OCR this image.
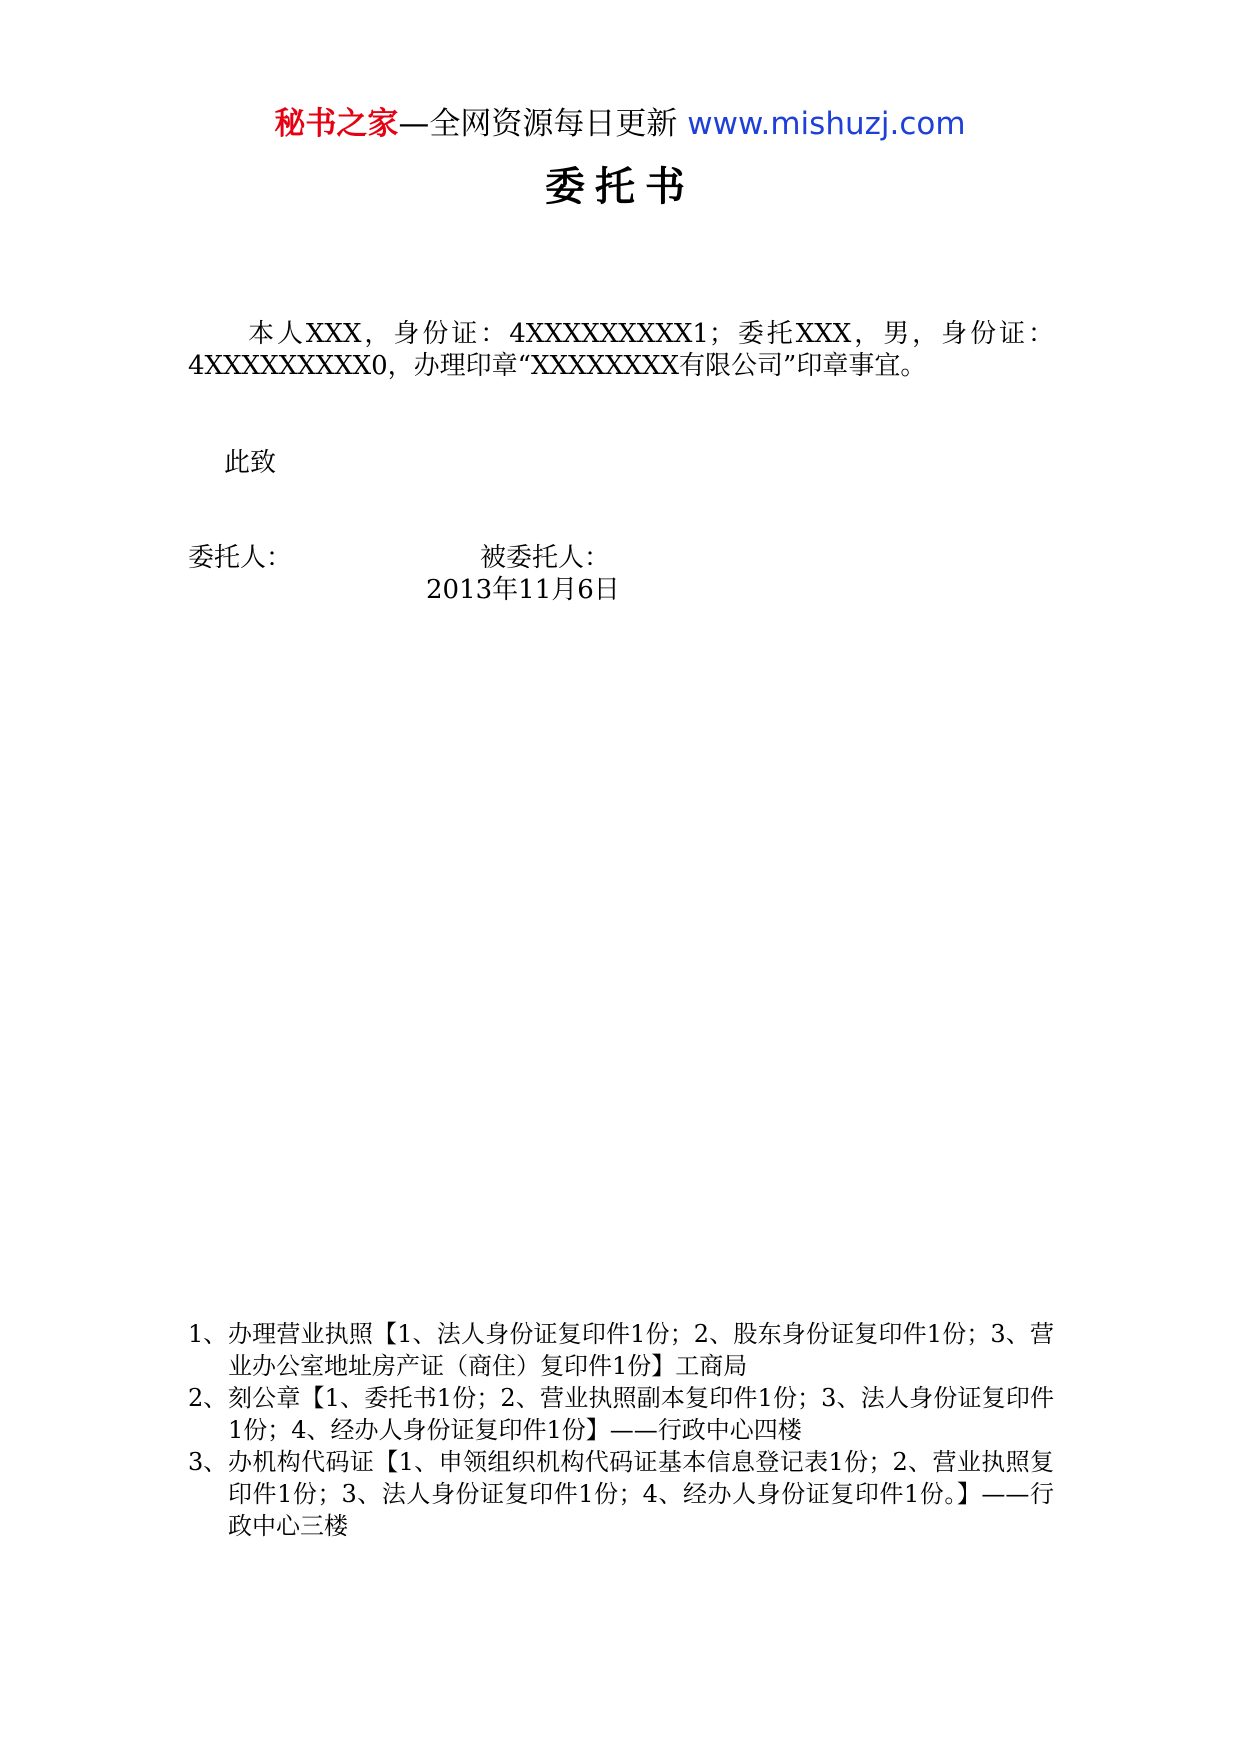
秘书之家—全网资源每日更新 www.mishuzj.com
委托书
本人XXX，身份证：4XXXXXXXXX1；委托XXX，男，身份证：4XXXXXXXXX0，办理印章“XXXXXXXX有限公司”印章事宜。
此致
委托人：	被委托人：
2013年11月6日
1、 办理营业执照【1、法人身份证复印件1份；2、股东身份证复印件1份；3、营业办公室地址房产证（商住）复印件1份】工商局
2、 刻公章【1、委托书1份；2、营业执照副本复印件1份；3、法人身份证复印件1份；4、经办人身份证复印件1份】——行政中心四楼
3、 办机构代码证【1、申领组织机构代码证基本信息登记表1份；2、营业执照复印件1份；3、法人身份证复印件1份；4、经办人身份证复印件1份。】——行政中心三楼
